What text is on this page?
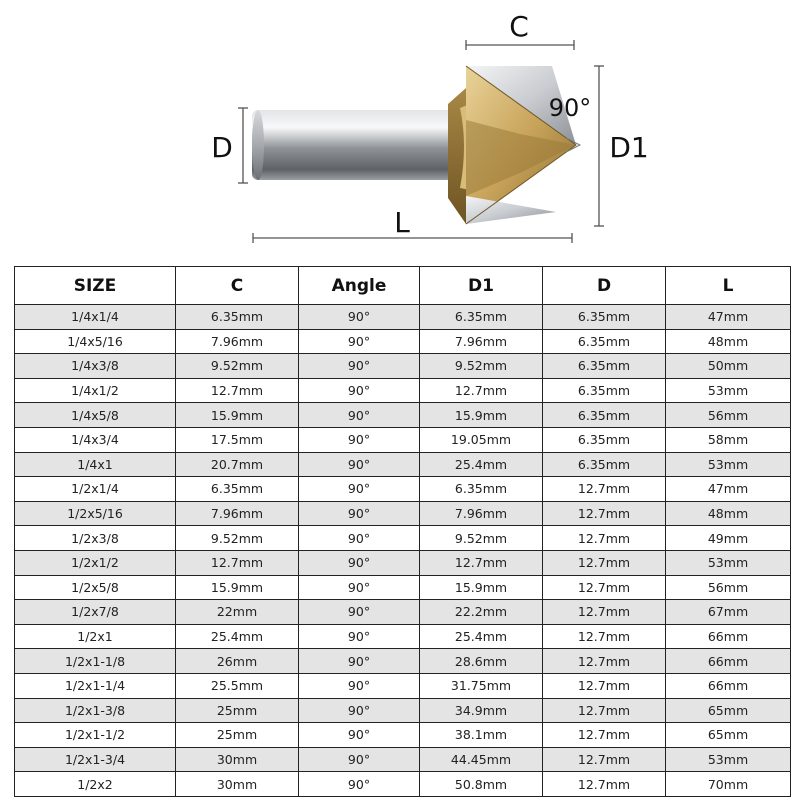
C
90°
D	D1
L
SIZE	C	Angle	D1	D	L
1/4x1/4	6.35mm	90°	6.35mm	6.35mm	47mm
1/4x5/16	7.96mm	90°	7.96mm	6.35mm	48mm
1/4x3/8	9.52mm	90°	9.52mm	6.35mm	50mm
1/4x1/2	12.7mm	90°	12.7mm	6.35mm	53mm
1/4x5/8	15.9mm	90°	15.9mm	6.35mm	56mm
1/4x3/4	17.5mm	90°	19.05mm	6.35mm	58mm
1/4x1	20.7mm	90°	25.4mm	6.35mm	53mm
1/2x1/4	6.35mm	90°	6.35mm	12.7mm	47mm
1/2x5/16	7.96mm	90°	7.96mm	12.7mm	48mm
1/2x3/8	9.52mm	90°	9.52mm	12.7mm	49mm
1/2x1/2	12.7mm	90°	12.7mm	12.7mm	53mm
1/2x5/8	15.9mm	90°	15.9mm	12.7mm	56mm
1/2x7/8	22mm	90°	22.2mm	12.7mm	67mm
1/2x1	25.4mm	90°	25.4mm	12.7mm	66mm
1/2x1-1/8	26mm	90°	28.6mm	12.7mm	66mm
1/2x1-1/4	25.5mm	90°	31.75mm	12.7mm	66mm
1/2x1-3/8	25mm	90°	34.9mm	12.7mm	65mm
1/2x1-1/2	25mm	90°	38.1mm	12.7mm	65mm
1/2x1-3/4	30mm	90°	44.45mm	12.7mm	53mm
1/2x2	30mm	90°	50.8mm	12.7mm	70mm
